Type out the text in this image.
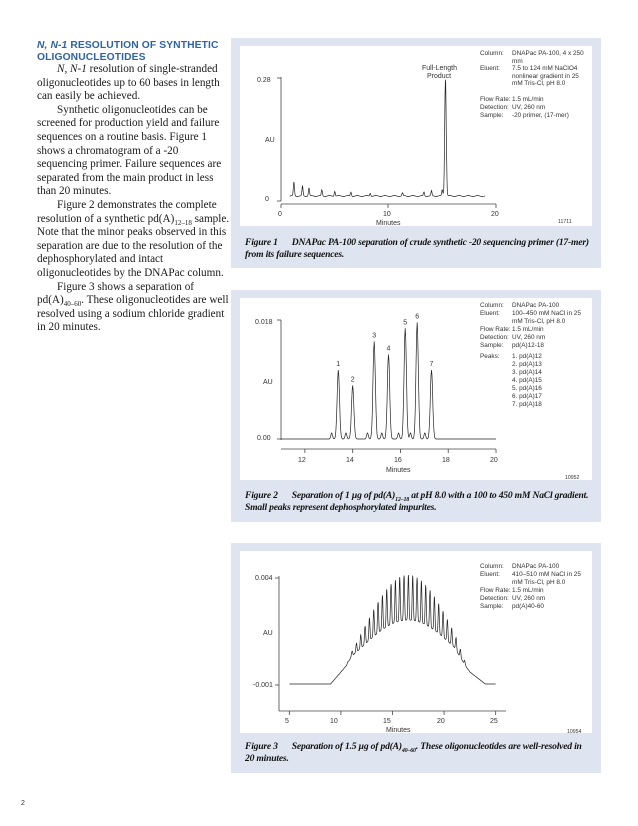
N, N-1 RESOLUTION OF SYNTHETIC OLIGONUCLEOTIDES

N, N-1 resolution of single-stranded oligonucleotides up to 60 bases in length can easily be achieved.

Synthetic oligonucleotides can be screened for production yield and failure sequences on a routine basis. Figure 1 shows a chromatogram of a -20 sequencing primer. Failure sequences are separated from the main product in less than 20 minutes.

Figure 2 demonstrates the complete resolution of a synthetic $pd(A)_{12-18}$ sample. Note that the minor peaks observed in this separation are due to the resolution of the dephosphorylated and intact oligonucleotides by the DNAPac column.

Figure 3 shows a separation of $pd(A)_{40-60}$. These oligonucleotides are well resolved using a sodium chloride gradient in 20 minutes.

0.28
AU
0
0	10	20
Minutes
Full-Length
Product
11711
Column: DNAPac PA-100, 4 x 250 mm
Eluent: 7.5 to 124 mM NaClO4 nonlinear gradient in 25 mM Tris-Cl, pH 8.0
Flow Rate: 1.5 mL/min
Detection: UV, 260 nm
Sample: -20 primer, (17-mer)
Figure 1 DNAPac PA-100 separation of crude synthetic -20 sequencing primer (17-mer) from its failure sequences.
0.018
AU
0.00
12	14	16	18	20
Minutes
1
2
3
4
5
6
7
10952
Column: DNAPac PA-100
Eluent: 100–450 mM NaCl in 25 mM Tris-Cl, pH 8.0
Flow Rate: 1.5 mL/min
Detection: UV, 260 nm
Sample: pd(A)12-18
Peaks: 1. pd(A)12
2. pd(A)13
3. pd(A)14
4. pd(A)15
5. pd(A)16
6. pd(A)17
7. pd(A)18
Figure 2 Separation of 1 µg of $pd(A)_{12-18}$ at pH 8.0 with a 100 to 450 mM NaCl gradient. Small peaks represent dephosphorylated impurites.
0.004
AU
-0.001
5	10	15	20	25
Minutes	10954
Column: DNAPac PA-100
Eluent: 410–510 mM NaCl in 25 mM Tris-Cl, pH 8.0
Flow Rate: 1.5 mL/min
Detection: UV, 260 nm
Sample: pd(A)40-60
Figure 3 Separation of 1.5 µg of $pd(A)_{40-60}$. These oligonucleotides are well-resolved in 20 minutes.
2
